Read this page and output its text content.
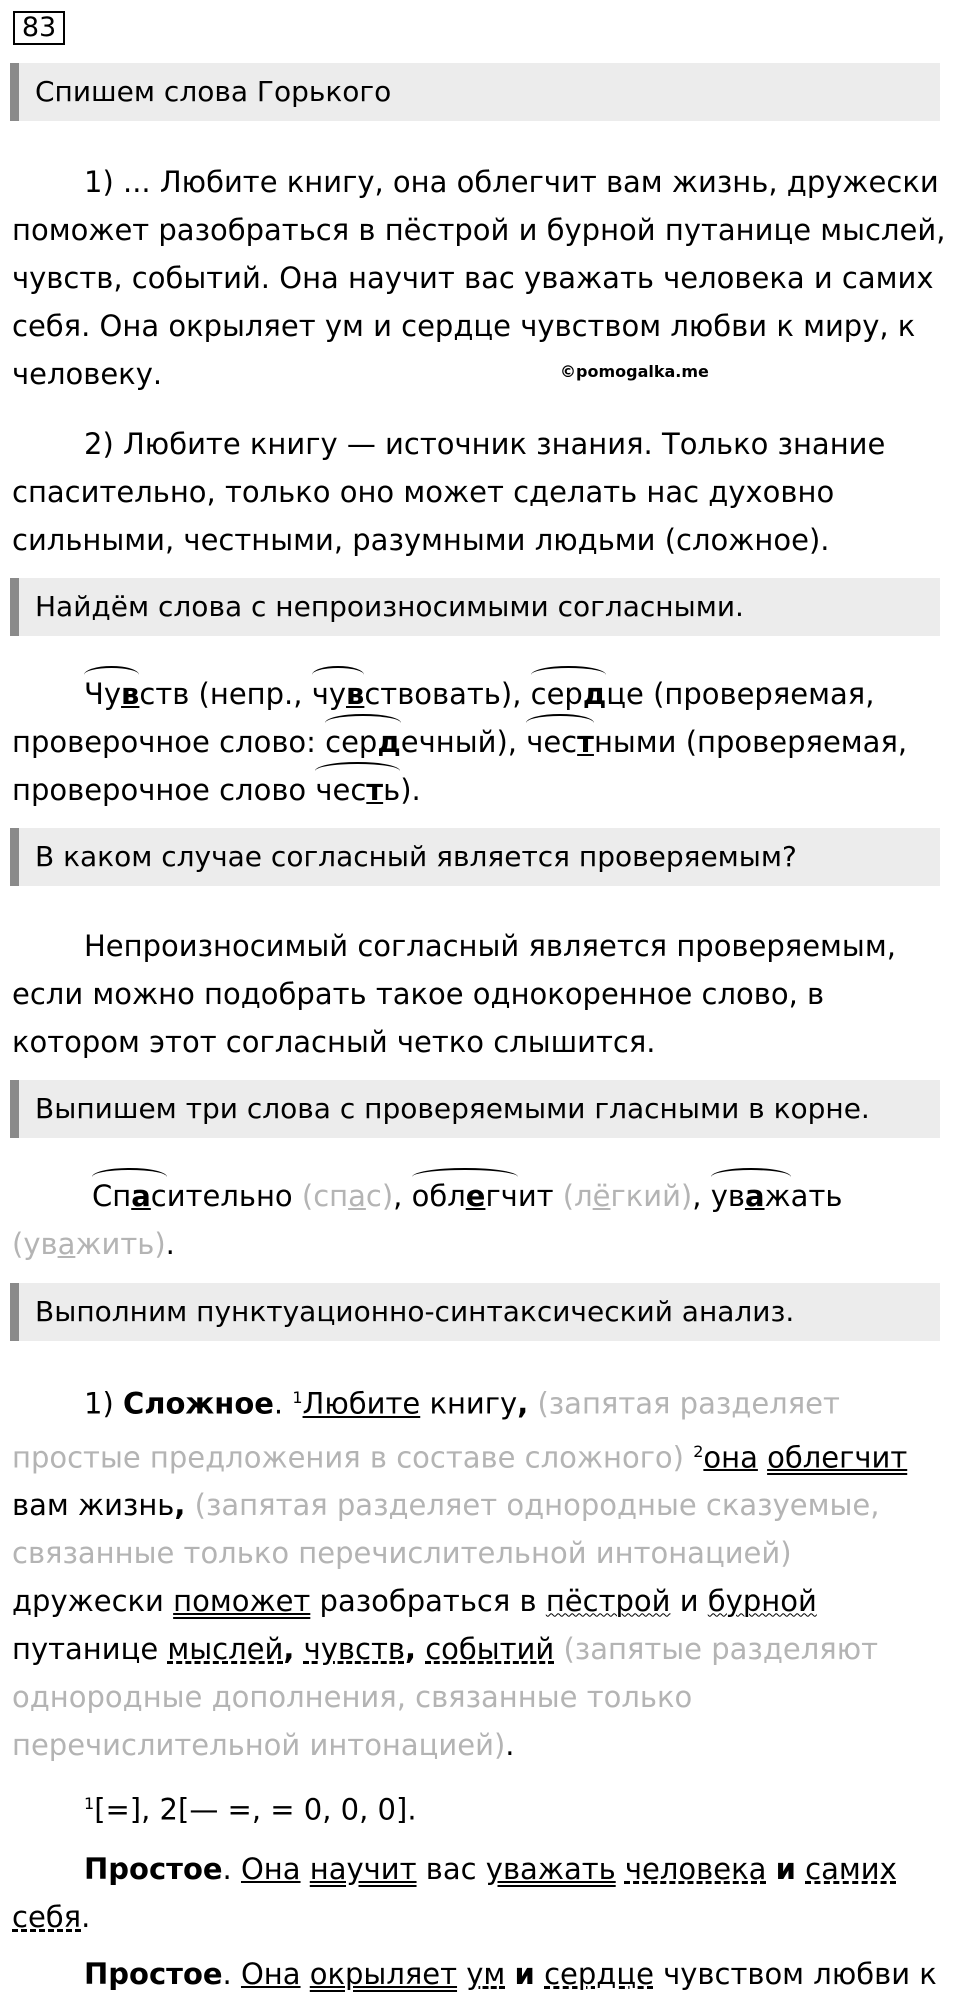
83
Спишем слова Горького
1) ... Любите книгу, она облегчит вам жизнь, дружески поможет разобраться в пёстрой и бурной путанице мыслей, чувств, событий. Она научит вас уважать человека и самих себя. Она окрыляет ум и сердце чувством любви к миру, к человеку.	©pomogalka.me
2) Любите книгу — источник знания. Только знание спасительно, только оно может сделать нас духовно сильными, честными, разумными людьми (сложное).
Найдём слова с непроизносимыми согласными.
Чувств (непр., чувствовать), сердце (проверяемая, проверочное слово: сердечный), честными (проверяемая, проверочное слово честь).
В каком случае согласный является проверяемым?
Непроизносимый согласный является проверяемым, если можно подобрать такое однокоренное слово, в котором этот согласный четко слышится.
Выпишем три слова с проверяемыми гласными в корне.
Спасительно (спас), облегчит (лёгкий), уважать (уважить).
Выполним пунктуационно-синтаксический анализ.
1) Сложное. $^1$Любите книгу, (запятая разделяет простые предложения в составе сложного) $^2$она облегчит вам жизнь, (запятая разделяет однородные сказуемые, связанные только перечислительной интонацией) дружески поможет разобраться в пёстрой и бурной путанице мыслей, чувств, событий (запятые разделяют однородные дополнения, связанные только перечислительной интонацией).
$^1$[=], 2[— =, = 0, 0, 0].
Простое. Она научит вас уважать человека и самих себя.
Простое. Она окрыляет ум и сердце чувством любви к
